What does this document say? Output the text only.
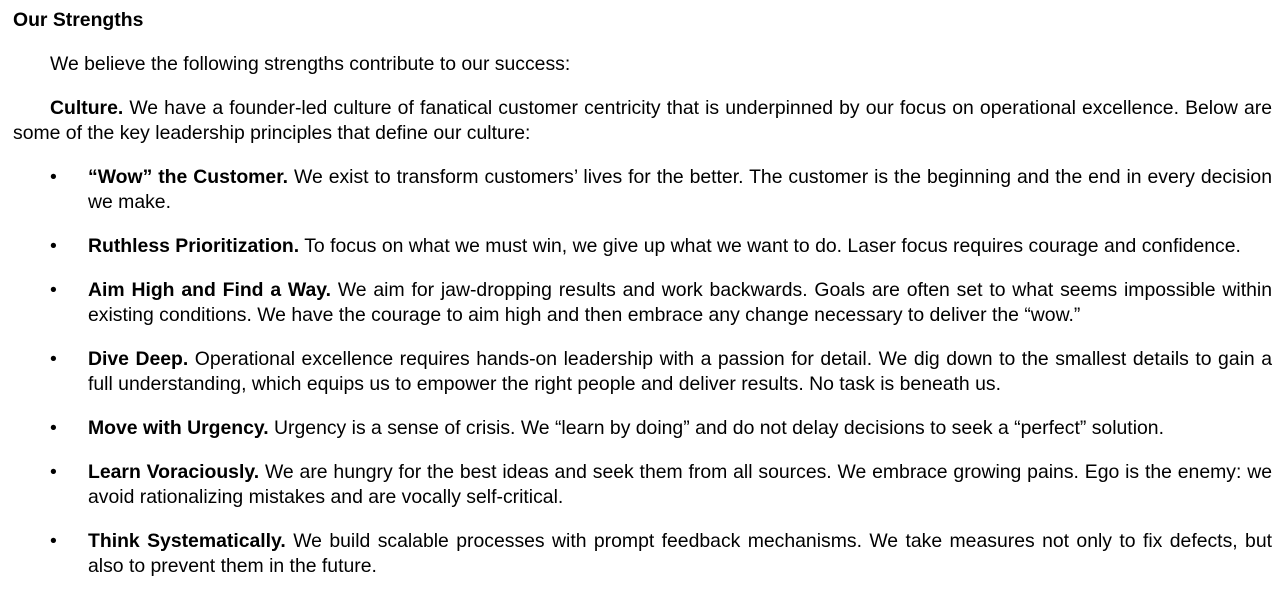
Our Strengths

We believe the following strengths contribute to our success:

Culture. We have a founder-led culture of fanatical customer centricity that is underpinned by our focus on operational excellence. Below are some of the key leadership principles that define our culture:

• “Wow” the Customer. We exist to transform customers’ lives for the better. The customer is the beginning and the end in every decision we make.
• Ruthless Prioritization. To focus on what we must win, we give up what we want to do. Laser focus requires courage and confidence.
• Aim High and Find a Way. We aim for jaw-dropping results and work backwards. Goals are often set to what seems impossible within existing conditions. We have the courage to aim high and then embrace any change necessary to deliver the “wow.”
• Dive Deep. Operational excellence requires hands-on leadership with a passion for detail. We dig down to the smallest details to gain a full understanding, which equips us to empower the right people and deliver results. No task is beneath us.
• Move with Urgency. Urgency is a sense of crisis. We “learn by doing” and do not delay decisions to seek a “perfect” solution.
• Learn Voraciously. We are hungry for the best ideas and seek them from all sources. We embrace growing pains. Ego is the enemy: we avoid rationalizing mistakes and are vocally self-critical.
• Think Systematically. We build scalable processes with prompt feedback mechanisms. We take measures not only to fix defects, but also to prevent them in the future.
